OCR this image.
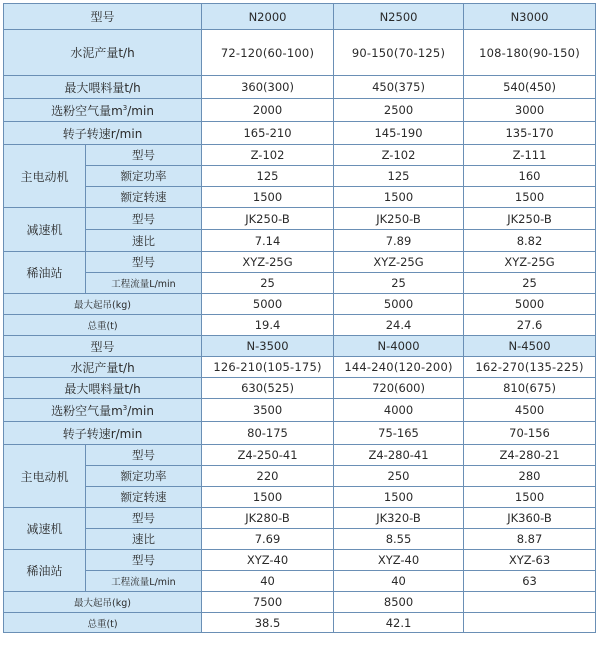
型号		N2000	N2500	N3000
水泥产量t/h		72-120(60-100)	90-150(70-125)	108-180(90-150)
最大喂料量t/h		360(300)	450(375)	540(450)
选粉空气量$m^3/\min$		2000	2500	3000
转子转速r/min		165-210	145-190	135-170
主电动机	型号	Z-102	Z-102	Z-111
	额定功率	125	125	160
	额定转速	1500	1500	1500
减速机	型号	JK250-B	JK250-B	JK250-B
	速比	7.14	7.89	8.82
稀油站	型号	XYZ-25G	XYZ-25G	XYZ-25G
	工程流量L/min	25	25	25
最大起吊(kg)		5000	5000	5000
总重(t)		19.4	24.4	27.6
型号		N-3500	N-4000	N-4500
水泥产量t/h		126-210(105-175)	144-240(120-200)	162-270(135-225)
最大喂料量t/h		630(525)	720(600)	810(675)
选粉空气量$m^3/\min$		3500	4000	4500
转子转速r/min		80-175	75-165	70-156
主电动机	型号	Z4-250-41	Z4-280-41	Z4-280-21
	额定功率	220	250	280
	额定转速	1500	1500	1500
减速机	型号	JK280-B	JK320-B	JK360-B
	速比	7.69	8.55	8.87
稀油站	型号	XYZ-40	XYZ-40	XYZ-63
	工程流量L/min	40	40	63
最大起吊(kg)		7500	8500	
总重(t)		38.5	42.1	
